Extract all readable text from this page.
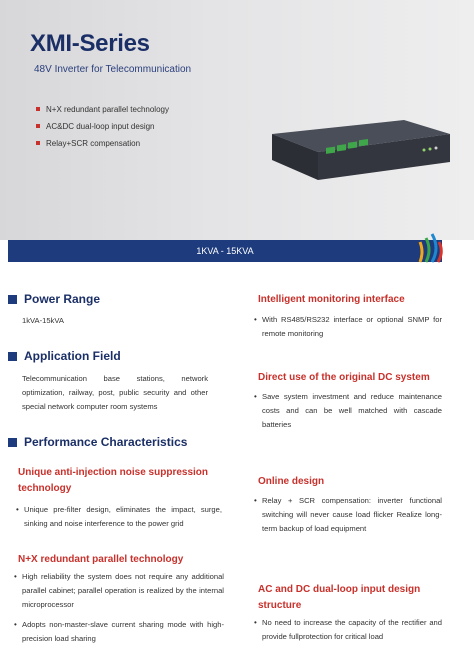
XMI-Series
48V Inverter for Telecommunication
N+X redundant parallel technology
AC&DC dual-loop input design
Relay+SCR compensation
1KVA - 15KVA
Power Range
1kVA-15kVA
Application Field
Telecommunication base stations, network optimization, railway, post, public security and other special network computer room systems
Performance Characteristics
Unique anti-injection noise suppression technology
• Unique pre-filter design, eliminates the impact, surge, sinking and noise interference to the power grid
N+X redundant parallel technology
• High reliability the system does not require any additional parallel cabinet; parallel operation is realized by the internal microprocessor
• Adopts non-master-slave current sharing mode with high-precision load sharing
Intelligent monitoring interface
• With RS485/RS232 interface or optional SNMP for remote monitoring
Direct use of the original DC system
• Save system investment and reduce maintenance costs and can be well matched with cascade batteries
Online design
• Relay + SCR compensation: inverter functional switching will never cause load flicker Realize long-term backup of load equipment
AC and DC dual-loop input design structure
• No need to increase the capacity of the rectifier and provide fullprotection for critical load
